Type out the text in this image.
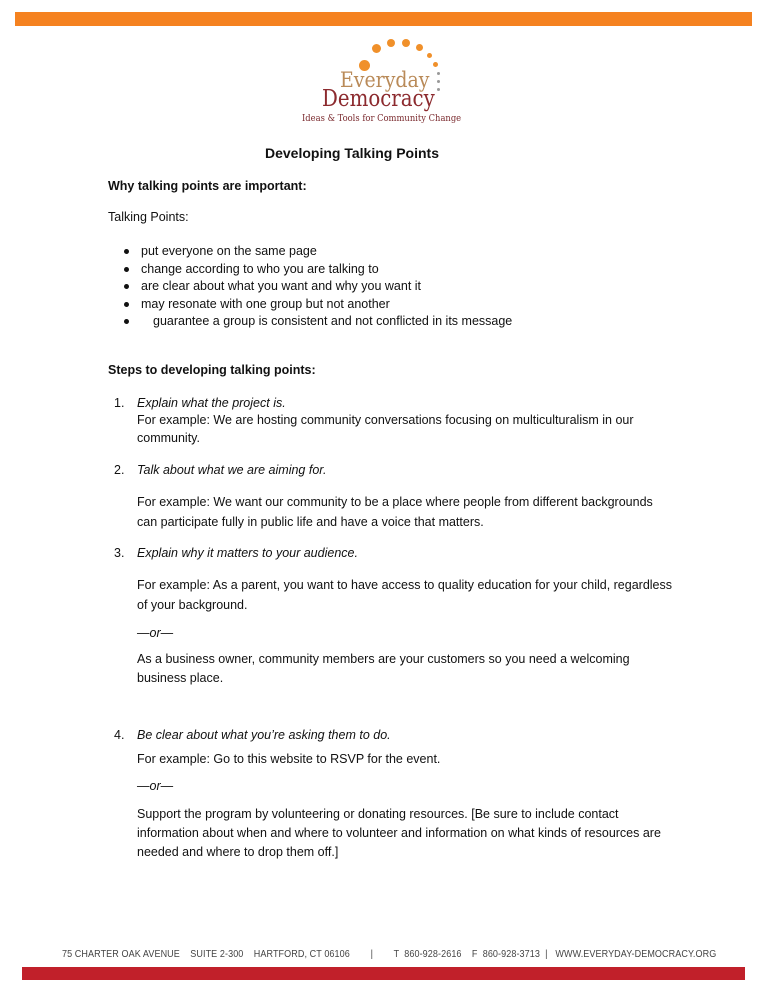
Everyday
Democracy
Ideas & Tools for Community Change
Developing Talking Points
Why talking points are important:
Talking Points:
put everyone on the same page
change according to who you are talking to
are clear about what you want and why you want it
may resonate with one group but not another
guarantee a group is consistent and not conflicted in its message
Steps to developing talking points:
1. Explain what the project is.
For example: We are hosting community conversations focusing on multiculturalism in our
community.
2. Talk about what we are aiming for.
For example: We want our community to be a place where people from different backgrounds
can participate fully in public life and have a voice that matters.
3. Explain why it matters to your audience.
For example: As a parent, you want to have access to quality education for your child, regardless
of your background.
—or—
As a business owner, community members are your customers so you need a welcoming
business place.
4. Be clear about what you’re asking them to do.
For example: Go to this website to RSVP for the event.
—or—
Support the program by volunteering or donating resources. [Be sure to include contact
information about when and where to volunteer and information on what kinds of resources are
needed and where to drop them off.]
75 CHARTER OAK AVENUE    SUITE 2-300    HARTFORD, CT 06106        |        T  860-928-2616    F  860-928-3713  |   WWW.EVERYDAY-DEMOCRACY.ORG
